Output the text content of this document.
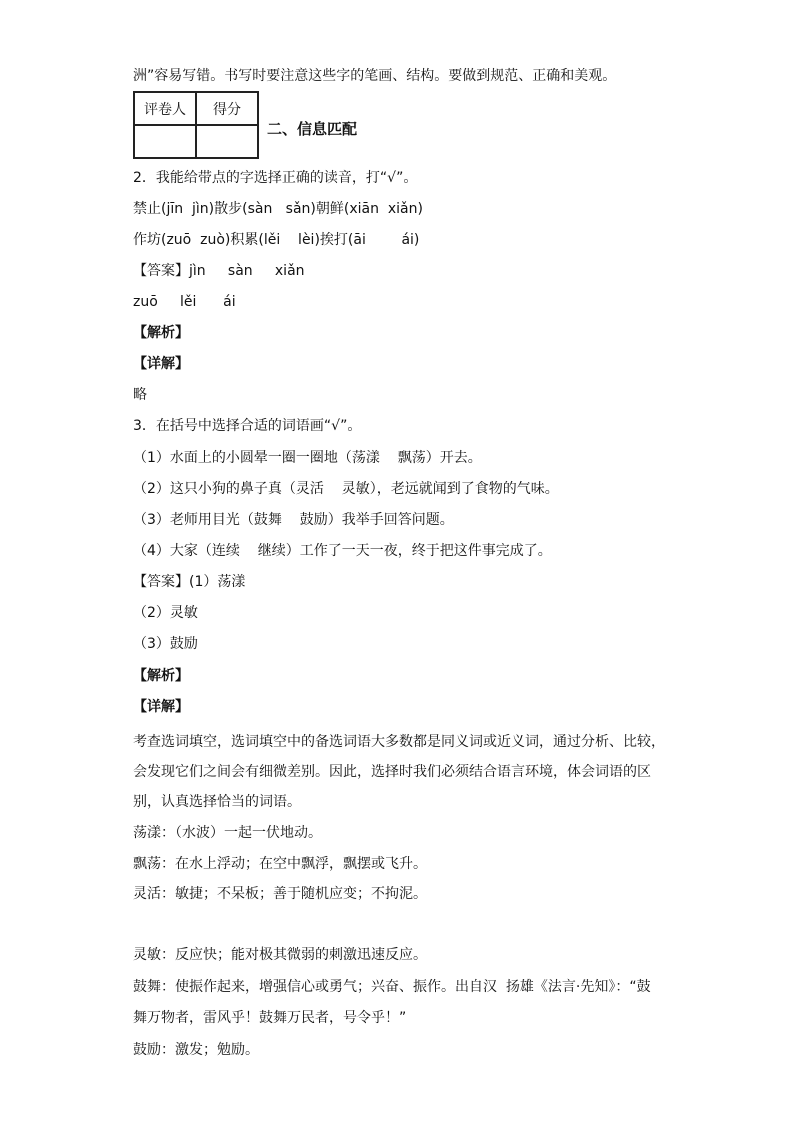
洲”容易写错。书写时要注意这些字的笔画、结构。要做到规范、正确和美观。
评卷人	得分

二、信息匹配
2．我能给带点的字选择正确的读音，打“√”。
禁止(jīn  jìn)散步(sàn   sǎn)朝鲜(xiān  xiǎn)
作坊(zuō  zuò)积累(lěi    lèi)挨打(āi        ái)
【答案】jìn     sàn     xiǎn
zuō     lěi      ái
【解析】
【详解】
略
3．在括号中选择合适的词语画“√”。
（1）水面上的小圆晕一圈一圈地（荡漾    飘荡）开去。
（2）这只小狗的鼻子真（灵活    灵敏），老远就闻到了食物的气味。
（3）老师用目光（鼓舞    鼓励）我举手回答问题。
（4）大家（连续    继续）工作了一天一夜，终于把这件事完成了。
【答案】(1）荡漾
（2）灵敏
（3）鼓励
【解析】
【详解】
考查选词填空，选词填空中的备选词语大多数都是同义词或近义词，通过分析、比较，会发现它们之间会有细微差别。因此，选择时我们必须结合语言环境，体会词语的区别，认真选择恰当的词语。
荡漾：（水波）一起一伏地动。
飘荡：在水上浮动；在空中飘浮，飘摆或飞升。
灵活：敏捷；不呆板；善于随机应变；不拘泥。
灵敏：反应快；能对极其微弱的刺激迅速反应。
鼓舞：使振作起来，增强信心或勇气；兴奋、振作。出自汉  扬雄《法言·先知》：“鼓
舞万物者，雷风乎！鼓舞万民者，号令乎！”
鼓励：激发；勉励。
